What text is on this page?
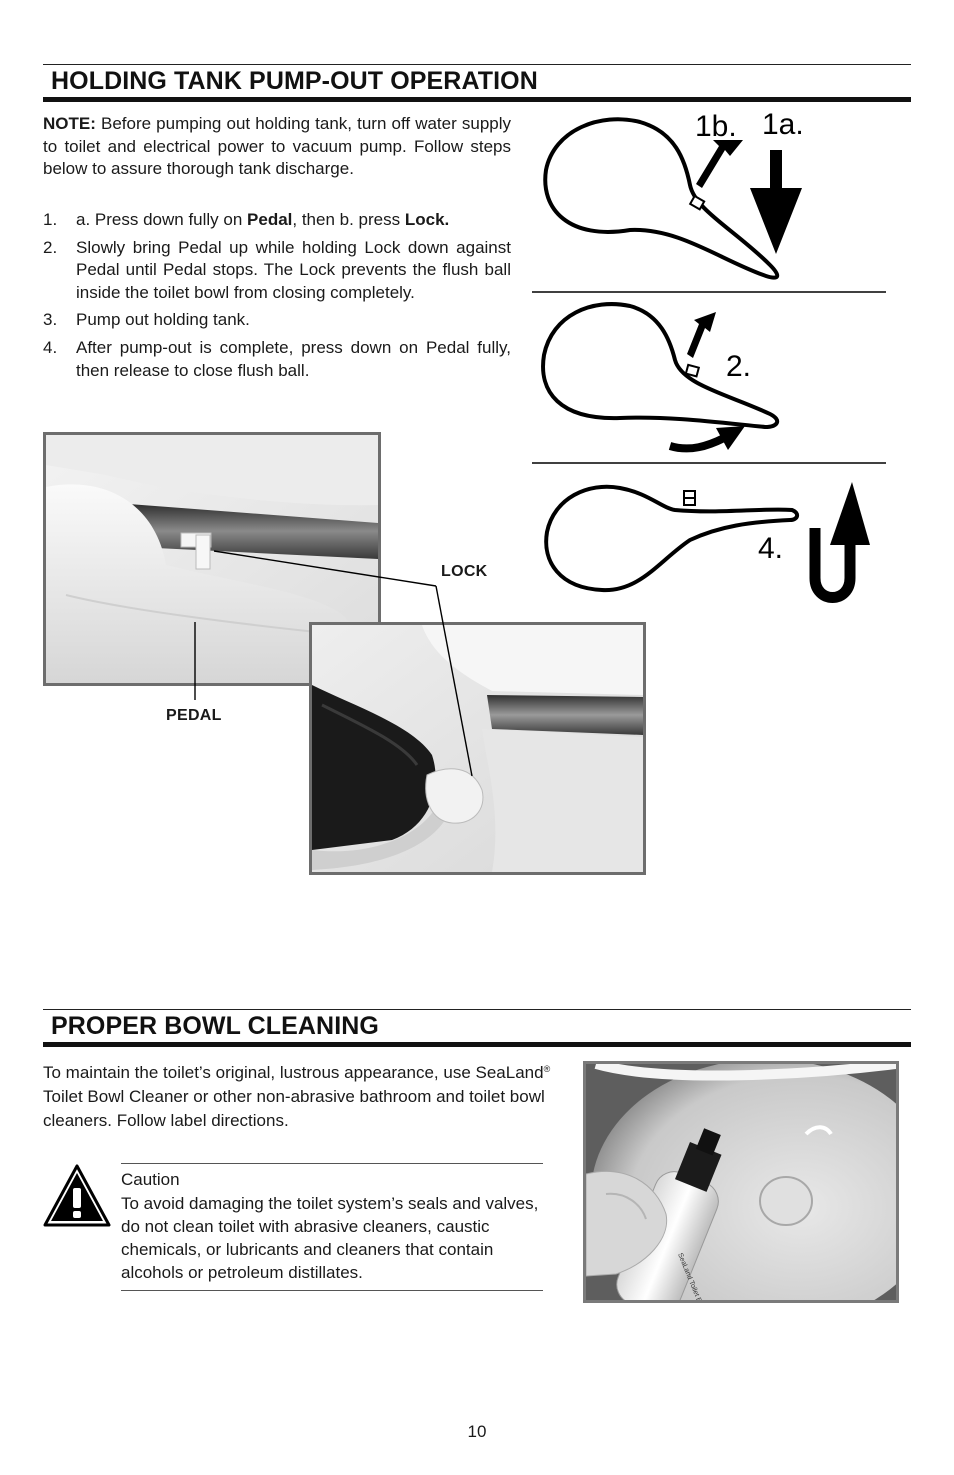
HOLDING TANK PUMP-OUT OPERATION
NOTE: Before pumping out holding tank, turn off water supply to toilet and electrical power to vacuum pump. Follow steps below to assure thorough tank discharge.
1. a. Press down fully on Pedal, then b. press Lock.
2. Slowly bring Pedal up while holding Lock down against Pedal until Pedal stops. The Lock prevents the flush ball inside the toilet bowl from closing completely.
3. Pump out holding tank.
4. After pump-out is complete, press down on Pedal fully, then release to close flush ball.
1b. 1a.
2.
4.
LOCK
PEDAL
PROPER BOWL CLEANING
To maintain the toilet’s original, lustrous appearance, use SeaLand® Toilet Bowl Cleaner or other non-abrasive bathroom and toilet bowl cleaners. Follow label directions.
Caution
To avoid damaging the toilet system’s seals and valves, do not clean toilet with abrasive cleaners, caustic chemicals, or lubricants and cleaners that contain alcohols or petroleum distillates.
10
